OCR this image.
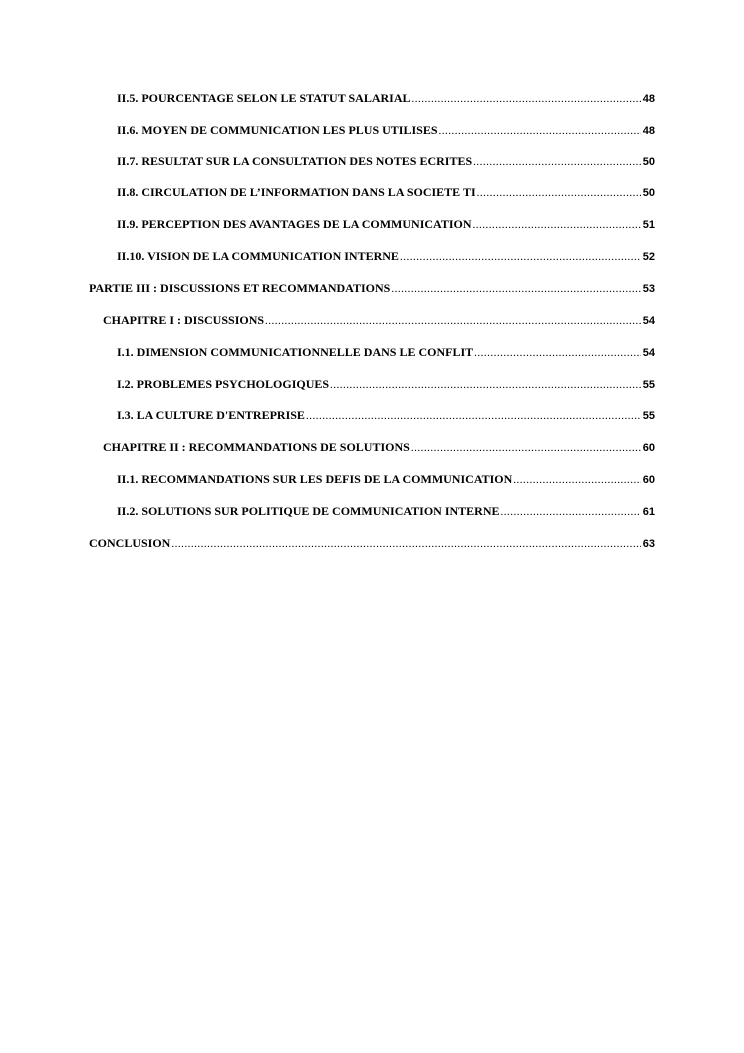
II.5. POURCENTAGE SELON LE STATUT SALARIAL .....	48
II.6. MOYEN DE COMMUNICATION LES PLUS UTILISES .....	48
II.7. RESULTAT SUR LA CONSULTATION DES NOTES ECRITES .....	50
II.8. CIRCULATION DE L’INFORMATION DANS LA SOCIETE TI .....	50
II.9. PERCEPTION DES AVANTAGES DE LA COMMUNICATION .....	51
II.10. VISION DE LA COMMUNICATION INTERNE .....	52
PARTIE III : DISCUSSIONS ET RECOMMANDATIONS .....	53
CHAPITRE I : DISCUSSIONS .....	54
I.1. DIMENSION COMMUNICATIONNELLE DANS LE CONFLIT .....	54
I.2. PROBLEMES PSYCHOLOGIQUES .....	55
I.3. LA CULTURE D'ENTREPRISE .....	55
CHAPITRE II : RECOMMANDATIONS DE SOLUTIONS .....	60
II.1. RECOMMANDATIONS SUR LES DEFIS DE LA COMMUNICATION .....	60
II.2. SOLUTIONS SUR POLITIQUE DE COMMUNICATION INTERNE .....	61
CONCLUSION .....	63
